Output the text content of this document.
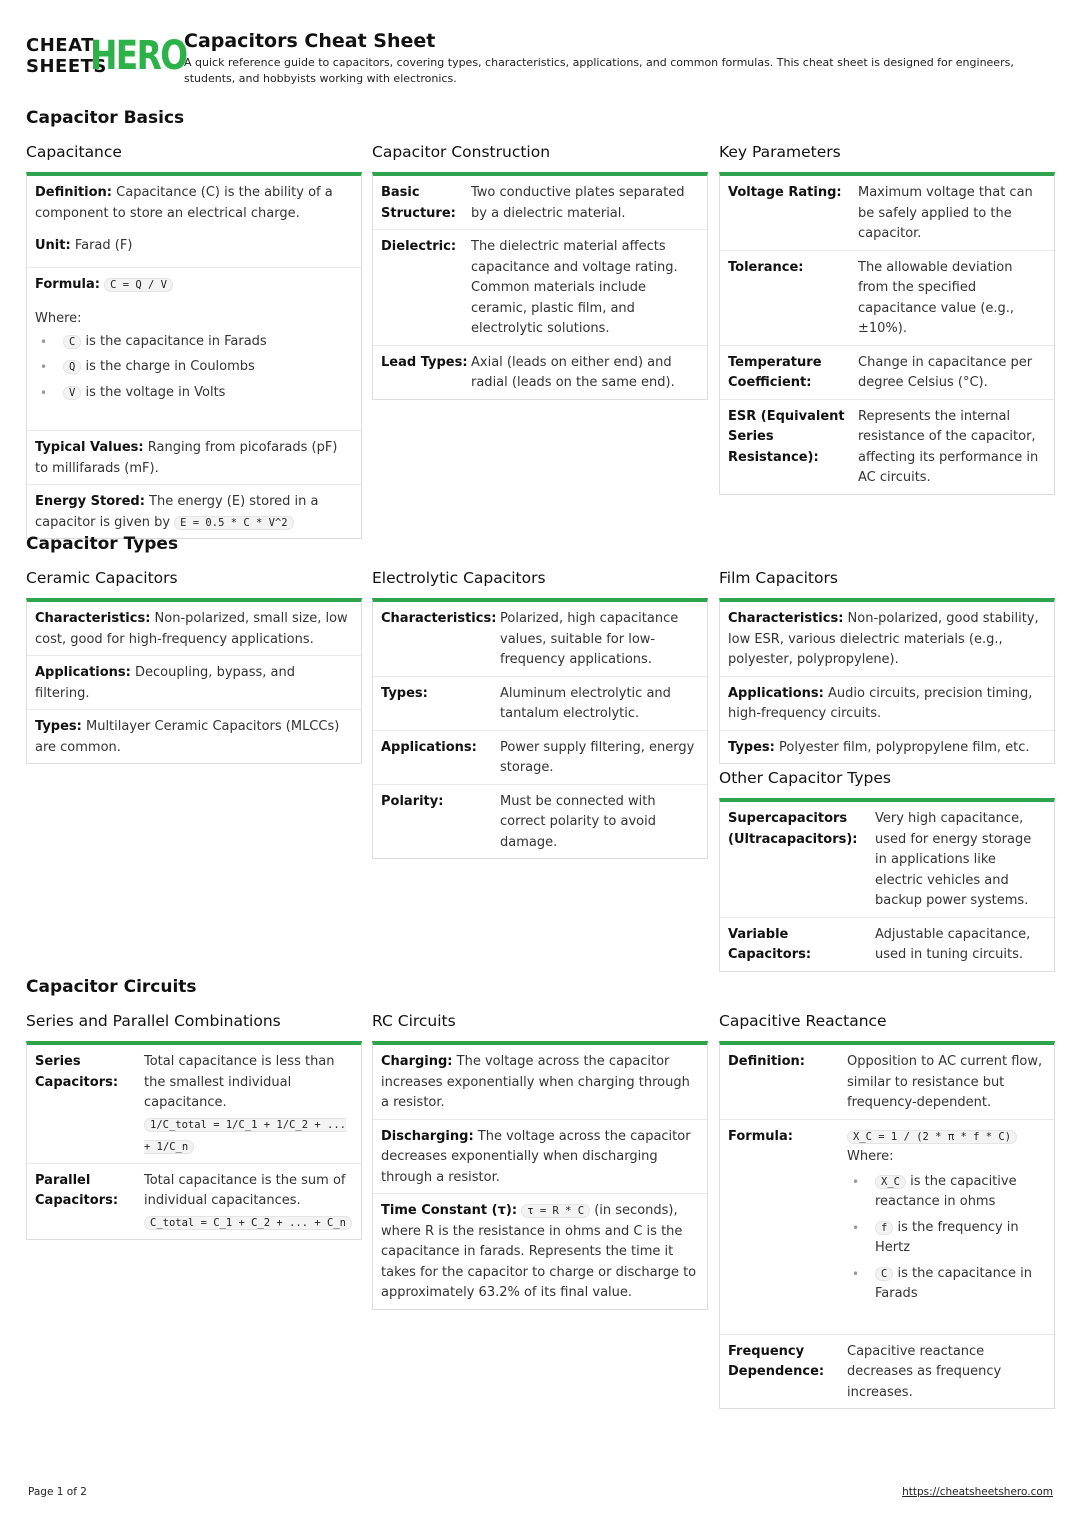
CHEAT
SHEETS
HERO
Capacitors Cheat Sheet
A quick reference guide to capacitors, covering types, characteristics, applications, and common formulas. This cheat sheet is designed for engineers, students, and hobbyists working with electronics.
Capacitor Basics
Capacitance
Definition: Capacitance (C) is the ability of a component to store an electrical charge.
Unit: Farad (F)
Formula: C = Q / V
Where:
• C is the capacitance in Farads
• Q is the charge in Coulombs
• V is the voltage in Volts
Typical Values: Ranging from picofarads (pF) to millifarads (mF).
Energy Stored: The energy (E) stored in a capacitor is given by E = 0.5 * C * V^2
Capacitor Construction
Basic Structure:
Two conductive plates separated by a dielectric material.
Dielectric:	The dielectric material affects capacitance and voltage rating. Common materials include ceramic, plastic film, and electrolytic solutions.
Lead Types: Axial (leads on either end) and radial (leads on the same end).
Key Parameters
Voltage Rating:	Maximum voltage that can be safely applied to the capacitor.
Tolerance:	The allowable deviation from the specified capacitance value (e.g., ±10%).
Temperature Coefficient:
Change in capacitance per degree Celsius (°C).
ESR (Equivalent Series Resistance):
Represents the internal resistance of the capacitor, affecting its performance in AC circuits.
Capacitor Types
Ceramic Capacitors
Characteristics: Non-polarized, small size, low cost, good for high-frequency applications.
Applications: Decoupling, bypass, and filtering.
Types: Multilayer Ceramic Capacitors (MLCCs) are common.
Electrolytic Capacitors
Characteristics: Polarized, high capacitance values, suitable for low-frequency applications.
Types:	Aluminum electrolytic and tantalum electrolytic.
Applications:	Power supply filtering, energy storage.
Polarity:	Must be connected with correct polarity to avoid damage.
Film Capacitors
Characteristics: Non-polarized, good stability, low ESR, various dielectric materials (e.g., polyester, polypropylene).
Applications: Audio circuits, precision timing, high-frequency circuits.
Types: Polyester film, polypropylene film, etc.
Other Capacitor Types
Supercapacitors (Ultracapacitors):
Very high capacitance, used for energy storage in applications like electric vehicles and backup power systems.
Variable Capacitors:
Adjustable capacitance, used in tuning circuits.
Capacitor Circuits
Series and Parallel Combinations
Series Capacitors:
Total capacitance is less than the smallest individual capacitance.
1/C_total = 1/C_1 + 1/C_2 + ... + 1/C_n
Parallel Capacitors:
Total capacitance is the sum of individual capacitances.
C_total = C_1 + C_2 + ... + C_n
RC Circuits
Charging: The voltage across the capacitor increases exponentially when charging through a resistor.
Discharging: The voltage across the capacitor decreases exponentially when discharging through a resistor.
Time Constant (τ): τ = R * C (in seconds), where R is the resistance in ohms and C is the capacitance in farads. Represents the time it takes for the capacitor to charge or discharge to approximately 63.2% of its final value.
Capacitive Reactance
Definition:	Opposition to AC current flow, similar to resistance but frequency-dependent.
Formula:	X_C = 1 / (2 * π * f * C)
Where:
• X_C is the capacitive reactance in ohms
• f is the frequency in Hertz
• C is the capacitance in Farads
Frequency Dependence:
Capacitive reactance decreases as frequency increases.
Page 1 of 2	https://cheatsheetshero.com
